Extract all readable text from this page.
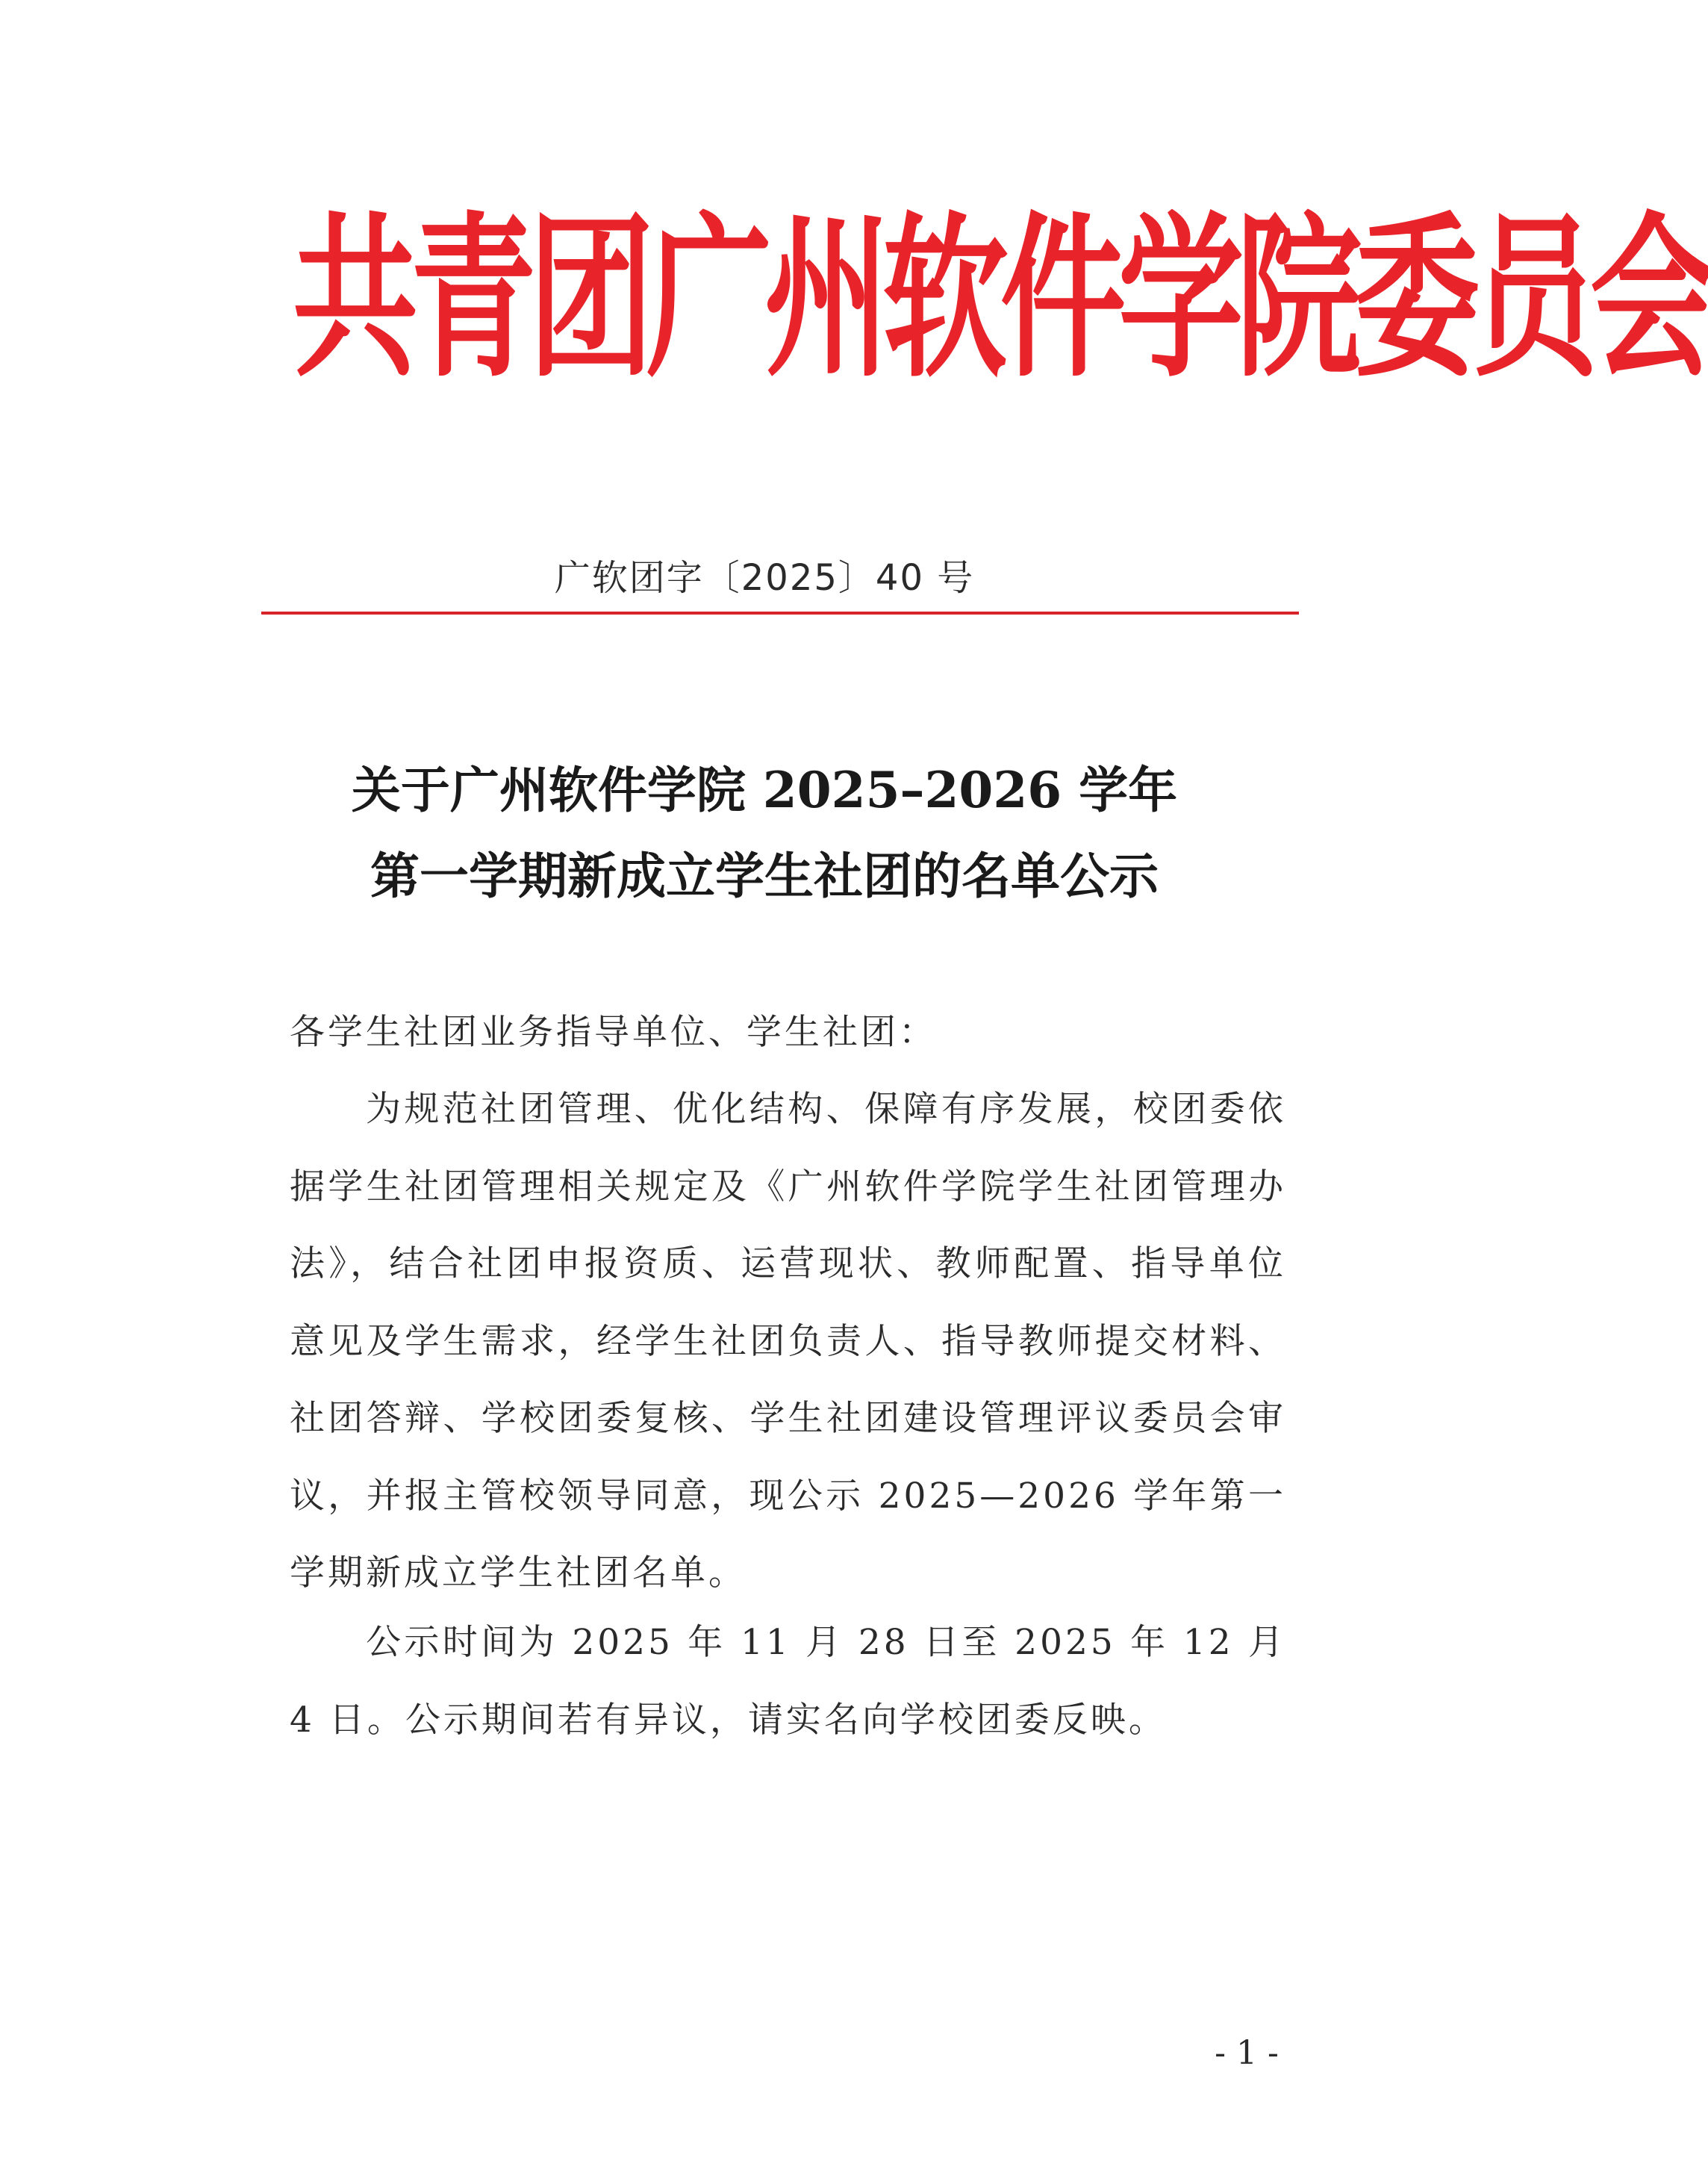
共青团广州软件学院委员会
广软团字〔2025〕40 号
关于广州软件学院 2025–2026 学年
第一学期新成立学生社团的名单公示

各学生社团业务指导单位、学生社团：

为规范社团管理、优化结构、保障有序发展，校团委依据学生社团管理相关规定及《广州软件学院学生社团管理办法》，结合社团申报资质、运营现状、教师配置、指导单位意见及学生需求，经学生社团负责人、指导教师提交材料、社团答辩、学校团委复核、学生社团建设管理评议委员会审议，并报主管校领导同意，现公示 2025—2026 学年第一学期新成立学生社团名单。

公示时间为 2025 年 11 月 28 日至 2025 年 12 月 4 日。公示期间若有异议，请实名向学校团委反映。

- 1 -
